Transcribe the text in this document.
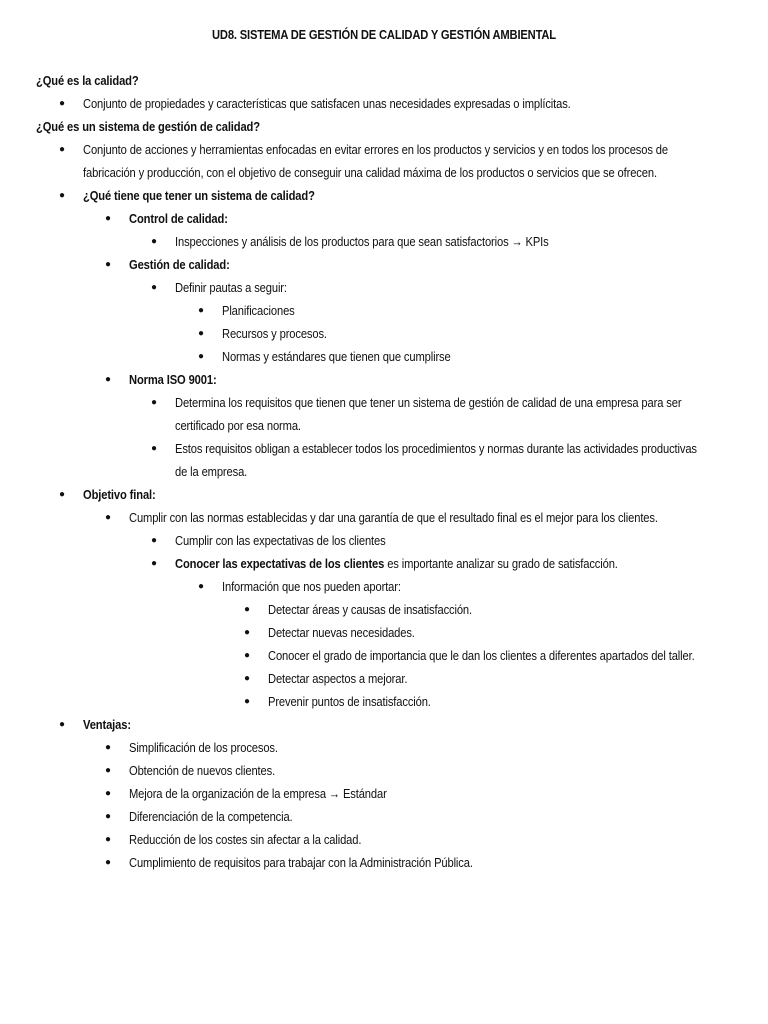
UD8. SISTEMA DE GESTIÓN DE CALIDAD Y GESTIÓN AMBIENTAL
¿Qué es la calidad?
● Conjunto de propiedades y características que satisfacen unas necesidades expresadas o implícitas.
¿Qué es un sistema de gestión de calidad?
● Conjunto de acciones y herramientas enfocadas en evitar errores en los productos y servicios y en todos los procesos de
fabricación y producción, con el objetivo de conseguir una calidad máxima de los productos o servicios que se ofrecen.
● ¿Qué tiene que tener un sistema de calidad?
● Control de calidad:
● Inspecciones y análisis de los productos para que sean satisfactorios → KPIs
● Gestión de calidad:
● Definir pautas a seguir:
● Planificaciones
● Recursos y procesos.
● Normas y estándares que tienen que cumplirse
● Norma ISO 9001:
● Determina los requisitos que tienen que tener un sistema de gestión de calidad de una empresa para ser
certificado por esa norma.
● Estos requisitos obligan a establecer todos los procedimientos y normas durante las actividades productivas
de la empresa.
● Objetivo final:
● Cumplir con las normas establecidas y dar una garantía de que el resultado final es el mejor para los clientes.
● Cumplir con las expectativas de los clientes
● Conocer las expectativas de los clientes es importante analizar su grado de satisfacción.
● Información que nos pueden aportar:
● Detectar áreas y causas de insatisfacción.
● Detectar nuevas necesidades.
● Conocer el grado de importancia que le dan los clientes a diferentes apartados del taller.
● Detectar aspectos a mejorar.
● Prevenir puntos de insatisfacción.
● Ventajas:
● Simplificación de los procesos.
● Obtención de nuevos clientes.
● Mejora de la organización de la empresa → Estándar
● Diferenciación de la competencia.
● Reducción de los costes sin afectar a la calidad.
● Cumplimiento de requisitos para trabajar con la Administración Pública.
